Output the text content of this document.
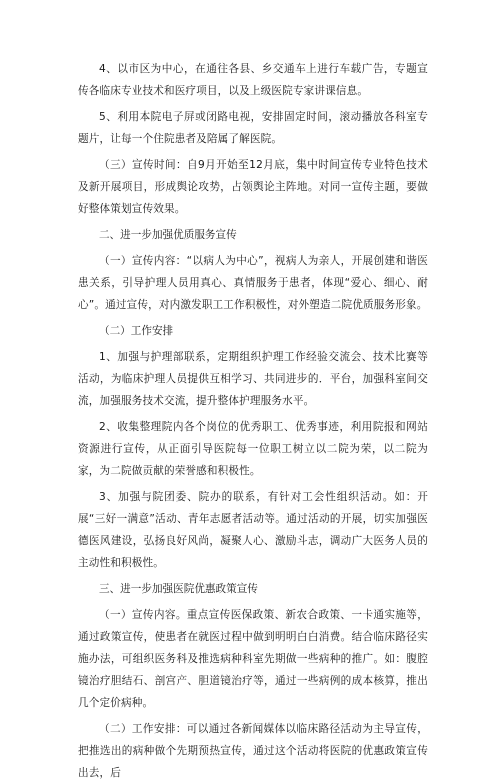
4、以市区为中心，在通往各县、乡交通车上进行车载广告，专题宣传各临床专业技术和医疗项目，以及上级医院专家讲课信息。

5、利用本院电子屏或闭路电视，安排固定时间，滚动播放各科室专题片，让每一个住院患者及陪属了解医院。

（三）宣传时间：自9月开始至12月底，集中时间宣传专业特色技术及新开展项目，形成舆论攻势，占领舆论主阵地。对同一宣传主题，要做好整体策划宣传效果。

二、进一步加强优质服务宣传

（一）宣传内容：“以病人为中心”，视病人为亲人，开展创建和谐医患关系，引导护理人员用真心、真情服务于患者，体现“爱心、细心、耐心”。通过宣传，对内激发职工工作积极性，对外塑造二院优质服务形象。

（二）工作安排

1、加强与护理部联系，定期组织护理工作经验交流会、技术比赛等活动，为临床护理人员提供互相学习、共同进步的．平台，加强科室间交流，加强服务技术交流，提升整体护理服务水平。

2、收集整理院内各个岗位的优秀职工、优秀事迹，利用院报和网站资源进行宣传，从正面引导医院每一位职工树立以二院为荣，以二院为家，为二院做贡献的荣誉感和积极性。

3、加强与院团委、院办的联系，有针对工会性组织活动。如：开展“三好一满意”活动、青年志愿者活动等。通过活动的开展，切实加强医德医风建设，弘扬良好风尚，凝聚人心、激励斗志，调动广大医务人员的主动性和积极性。

三、进一步加强医院优惠政策宣传

（一）宣传内容。重点宣传医保政策、新农合政策、一卡通实施等，通过政策宣传，使患者在就医过程中做到明明白白消费。结合临床路径实施办法，可组织医务科及推选病种科室先期做一些病种的推广。如：腹腔镜治疗胆结石、剖宫产、胆道镜治疗等，通过一些病例的成本核算，推出几个定价病种。

（二）工作安排：可以通过各新闻媒体以临床路径活动为主导宣传，把推选出的病种做个先期预热宣传，通过这个活动将医院的优惠政策宣传出去，后
